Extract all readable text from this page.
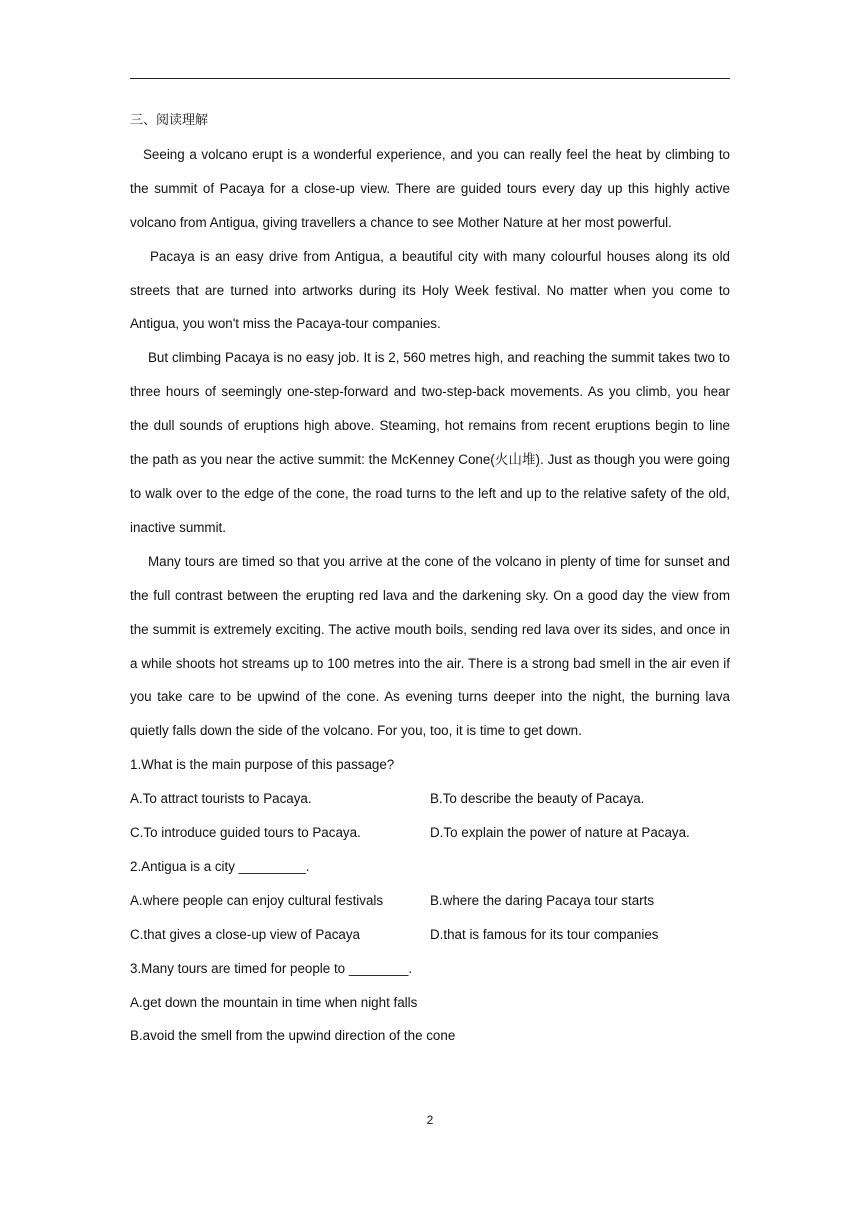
三、阅读理解

Seeing a volcano erupt is a wonderful experience, and you can really feel the heat by climbing to the summit of Pacaya for a close-up view. There are guided tours every day up this highly active volcano from Antigua, giving travellers a chance to see Mother Nature at her most powerful.

Pacaya is an easy drive from Antigua, a beautiful city with many colourful houses along its old streets that are turned into artworks during its Holy Week festival. No matter when you come to Antigua, you won't miss the Pacaya-tour companies.

But climbing Pacaya is no easy job. It is 2, 560 metres high, and reaching the summit takes two to three hours of seemingly one-step-forward and two-step-back movements. As you climb, you hear the dull sounds of eruptions high above. Steaming, hot remains from recent eruptions begin to line the path as you near the active summit: the McKenney Cone(火山堆). Just as though you were going to walk over to the edge of the cone, the road turns to the left and up to the relative safety of the old, inactive summit.

Many tours are timed so that you arrive at the cone of the volcano in plenty of time for sunset and the full contrast between the erupting red lava and the darkening sky. On a good day the view from the summit is extremely exciting. The active mouth boils, sending red lava over its sides, and once in a while shoots hot streams up to 100 metres into the air. There is a strong bad smell in the air even if you take care to be upwind of the cone. As evening turns deeper into the night, the burning lava quietly falls down the side of the volcano. For you, too, it is time to get down.

1.What is the main purpose of this passage?

A.To attract tourists to Pacaya.	B.To describe the beauty of Pacaya.
C.To introduce guided tours to Pacaya.	D.To explain the power of nature at Pacaya.

2.Antigua is a city _________.

A.where people can enjoy cultural festivals	B.where the daring Pacaya tour starts
C.that gives a close-up view of Pacaya	D.that is famous for its tour companies

3.Many tours are timed for people to ________.

A.get down the mountain in time when night falls

B.avoid the smell from the upwind direction of the cone

2
